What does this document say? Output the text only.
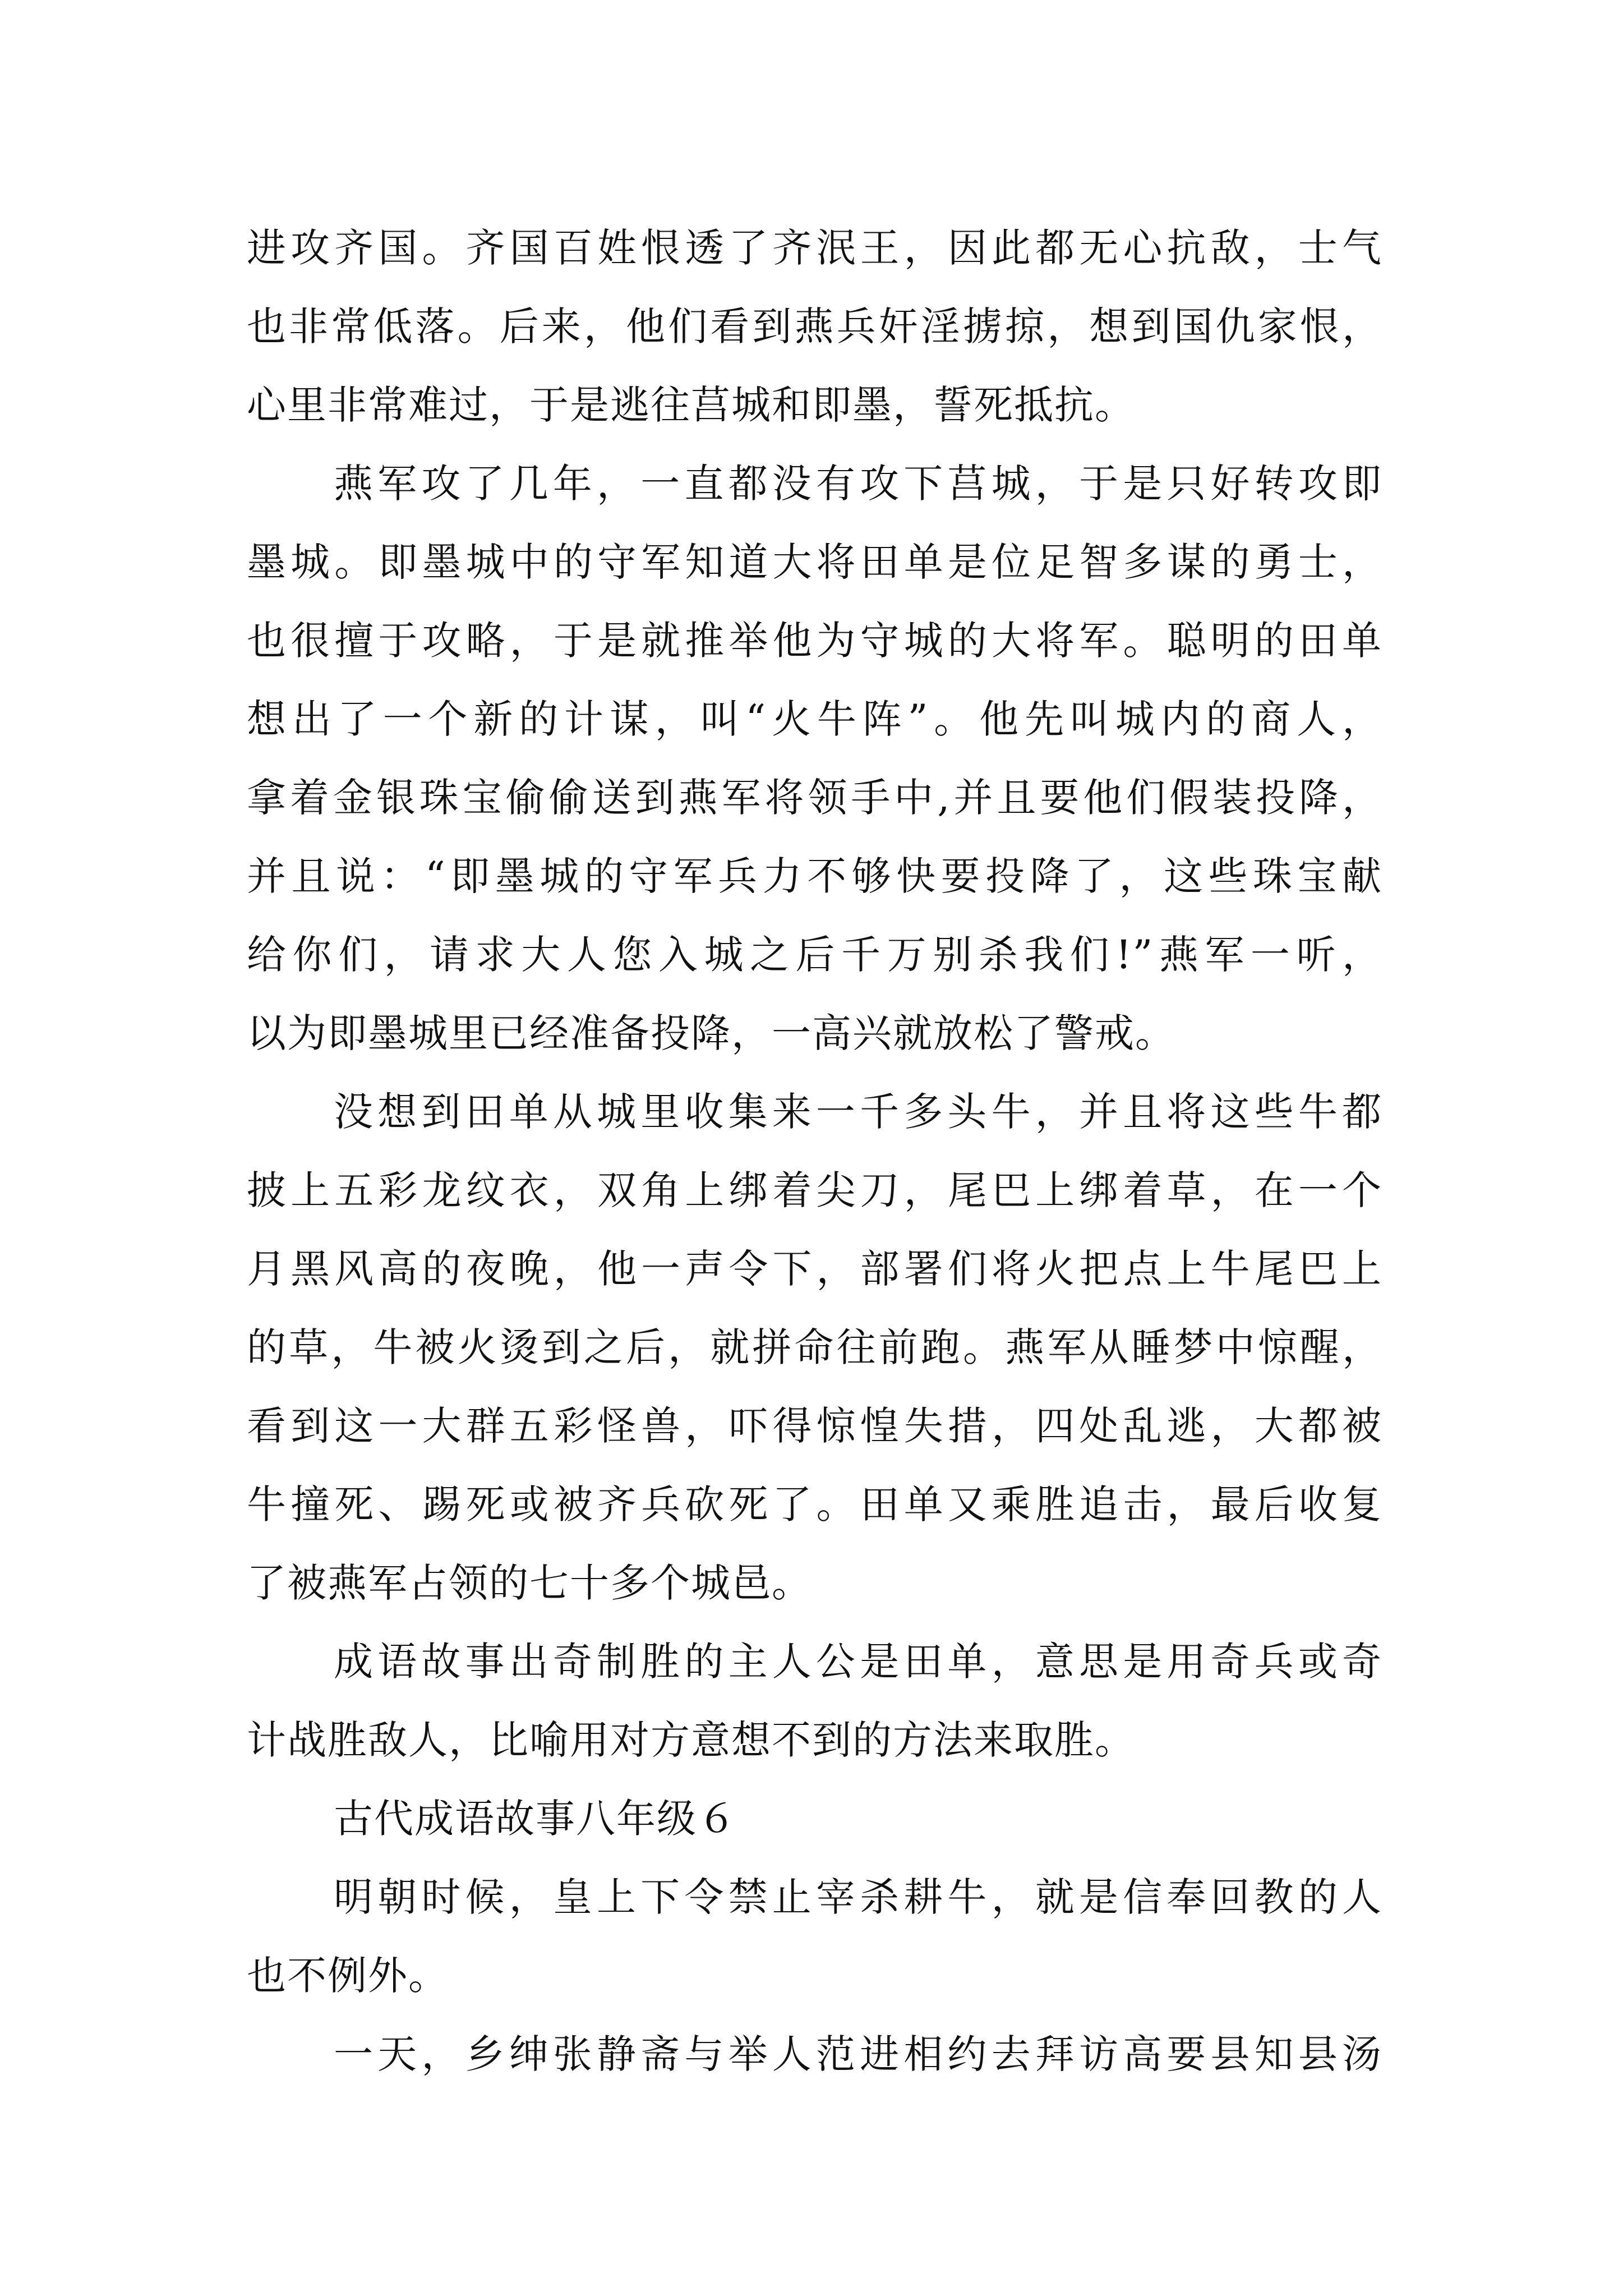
进攻齐国。齐国百姓恨透了齐泯王，因此都无心抗敌，士气
也非常低落。后来，他们看到燕兵奸淫掳掠，想到国仇家恨，
心里非常难过，于是逃往莒城和即墨，誓死抵抗。
燕军攻了几年，一直都没有攻下莒城，于是只好转攻即
墨城。即墨城中的守军知道大将田单是位足智多谋的勇士，
也很擅于攻略，于是就推举他为守城的大将军。聪明的田单
想出了一个新的计谋，叫“火牛阵”。他先叫城内的商人，
拿着金银珠宝偷偷送到燕军将领手中,并且要他们假装投降，
并且说：“即墨城的守军兵力不够快要投降了，这些珠宝献
给你们，请求大人您入城之后千万别杀我们!”燕军一听，
以为即墨城里已经准备投降，一高兴就放松了警戒。
没想到田单从城里收集来一千多头牛，并且将这些牛都
披上五彩龙纹衣，双角上绑着尖刀，尾巴上绑着草，在一个
月黑风高的夜晚，他一声令下，部署们将火把点上牛尾巴上
的草，牛被火烫到之后，就拼命往前跑。燕军从睡梦中惊醒，
看到这一大群五彩怪兽，吓得惊惶失措，四处乱逃，大都被
牛撞死、踢死或被齐兵砍死了。田单又乘胜追击，最后收复
了被燕军占领的七十多个城邑。
成语故事出奇制胜的主人公是田单，意思是用奇兵或奇
计战胜敌人，比喻用对方意想不到的方法来取胜。
古代成语故事八年级６
明朝时候，皇上下令禁止宰杀耕牛，就是信奉回教的人
也不例外。
一天，乡绅张静斋与举人范进相约去拜访高要县知县汤
